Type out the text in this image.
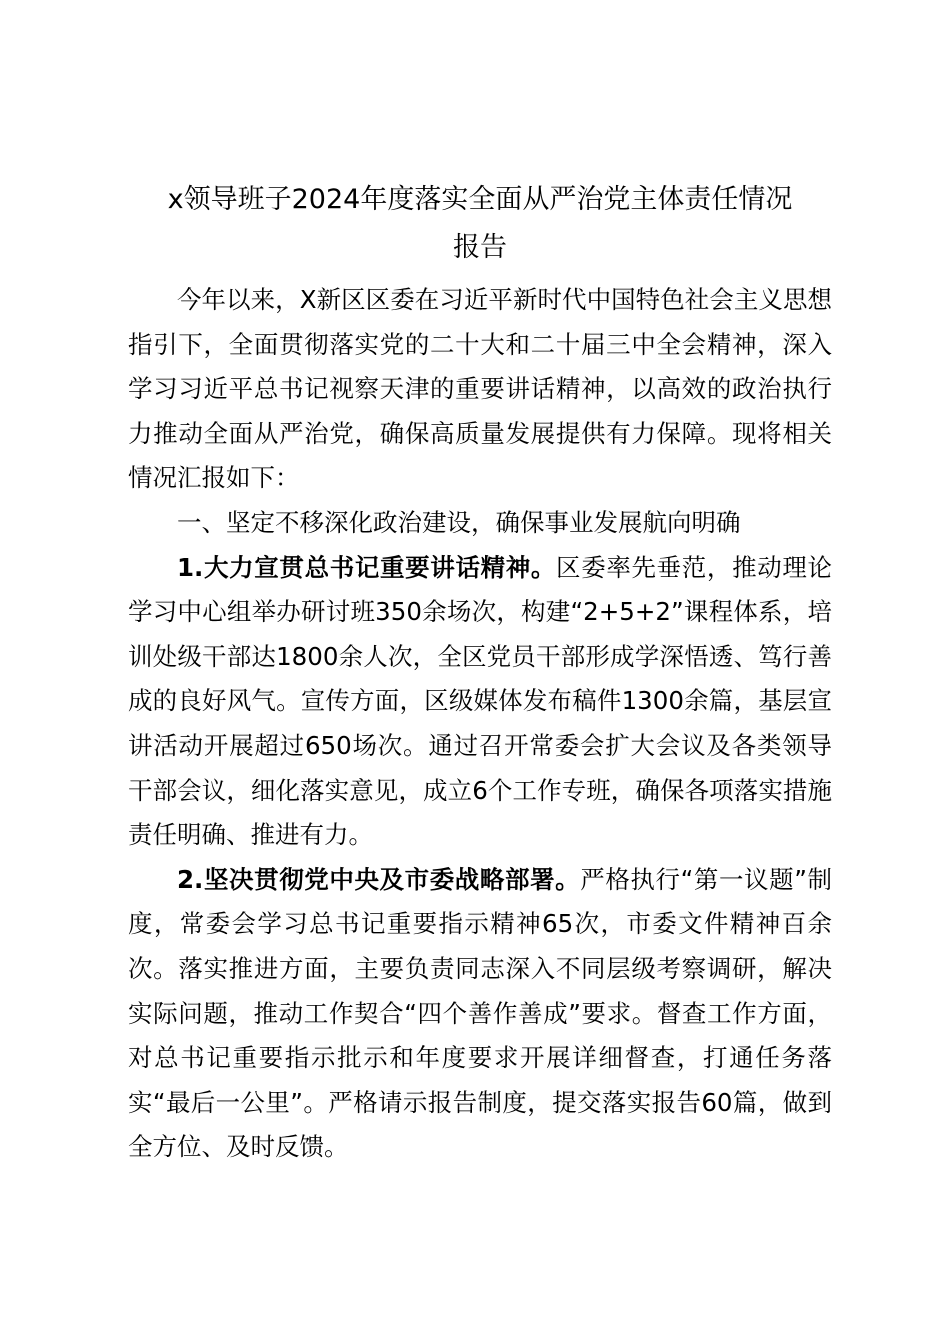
x领导班子2024年度落实全面从严治党主体责任情况
报告

今年以来，X新区区委在习近平新时代中国特色社会主义思想指引下，全面贯彻落实党的二十大和二十届三中全会精神，深入学习习近平总书记视察天津的重要讲话精神，以高效的政治执行力推动全面从严治党，确保高质量发展提供有力保障。现将相关情况汇报如下：

一、坚定不移深化政治建设，确保事业发展航向明确

1.大力宣贯总书记重要讲话精神。区委率先垂范，推动理论学习中心组举办研讨班350余场次，构建“2+5+2”课程体系，培训处级干部达1800余人次，全区党员干部形成学深悟透、笃行善成的良好风气。宣传方面，区级媒体发布稿件1300余篇，基层宣讲活动开展超过650场次。通过召开常委会扩大会议及各类领导干部会议，细化落实意见，成立6个工作专班，确保各项落实措施责任明确、推进有力。

2.坚决贯彻党中央及市委战略部署。严格执行“第一议题”制度，常委会学习总书记重要指示精神65次，市委文件精神百余次。落实推进方面，主要负责同志深入不同层级考察调研，解决实际问题，推动工作契合“四个善作善成”要求。督查工作方面，对总书记重要指示批示和年度要求开展详细督查，打通任务落实“最后一公里”。严格请示报告制度，提交落实报告60篇，做到全方位、及时反馈。
